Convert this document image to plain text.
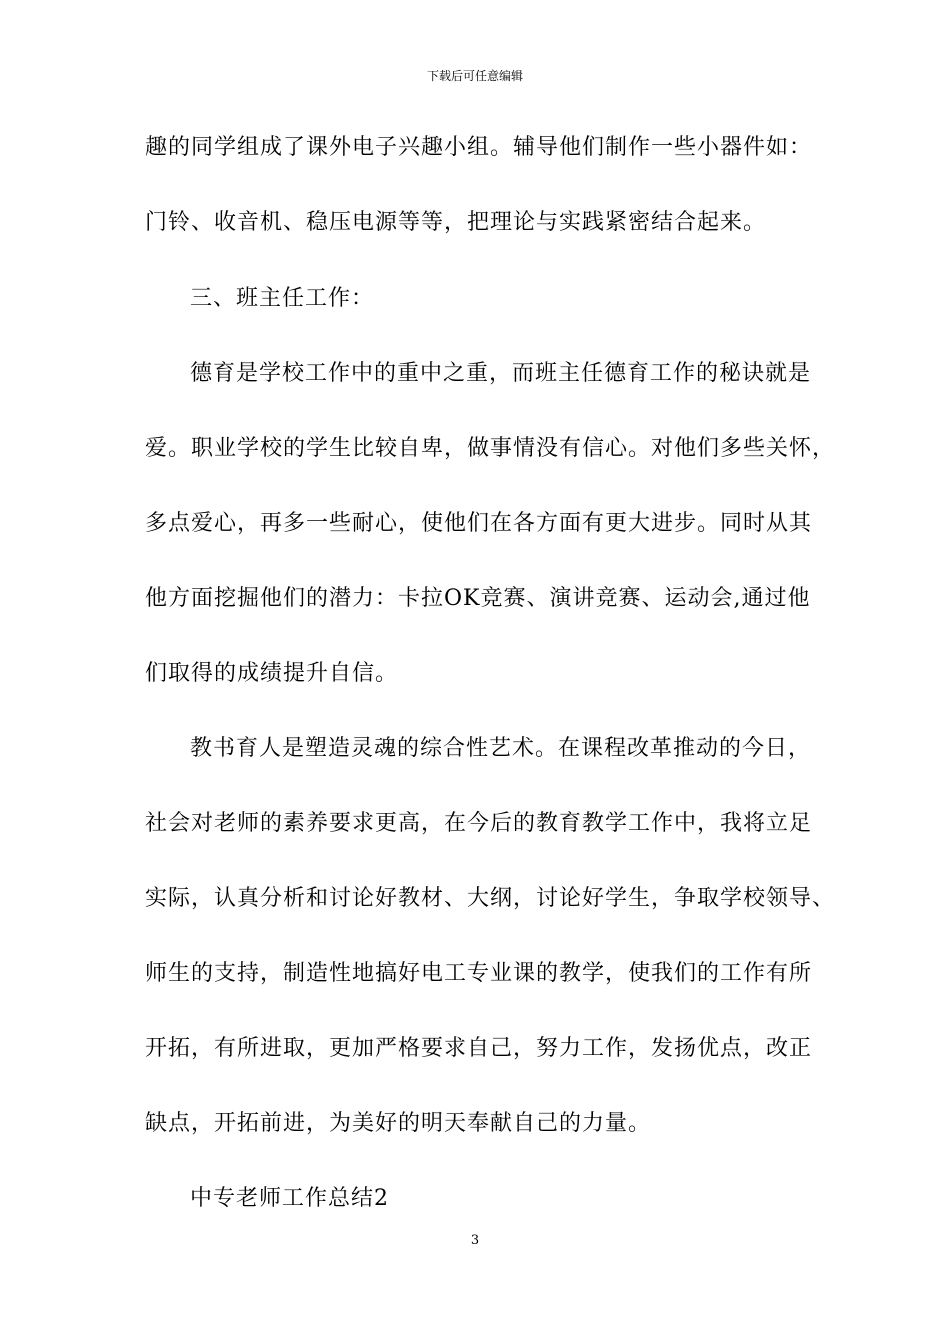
下载后可任意编辑
趣的同学组成了课外电子兴趣小组。辅导他们制作一些小器件如：
门铃、收音机、稳压电源等等，把理论与实践紧密结合起来。
三、班主任工作：
德育是学校工作中的重中之重，而班主任德育工作的秘诀就是
爱。职业学校的学生比较自卑，做事情没有信心。对他们多些关怀，
多点爱心，再多一些耐心，使他们在各方面有更大进步。同时从其
他方面挖掘他们的潜力：卡拉OK竞赛、演讲竞赛、运动会,通过他
们取得的成绩提升自信。
教书育人是塑造灵魂的综合性艺术。在课程改革推动的今日，
社会对老师的素养要求更高，在今后的教育教学工作中，我将立足
实际，认真分析和讨论好教材、大纲，讨论好学生，争取学校领导、
师生的支持，制造性地搞好电工专业课的教学，使我们的工作有所
开拓，有所进取，更加严格要求自己，努力工作，发扬优点，改正
缺点，开拓前进，为美好的明天奉献自己的力量。
中专老师工作总结2
3
